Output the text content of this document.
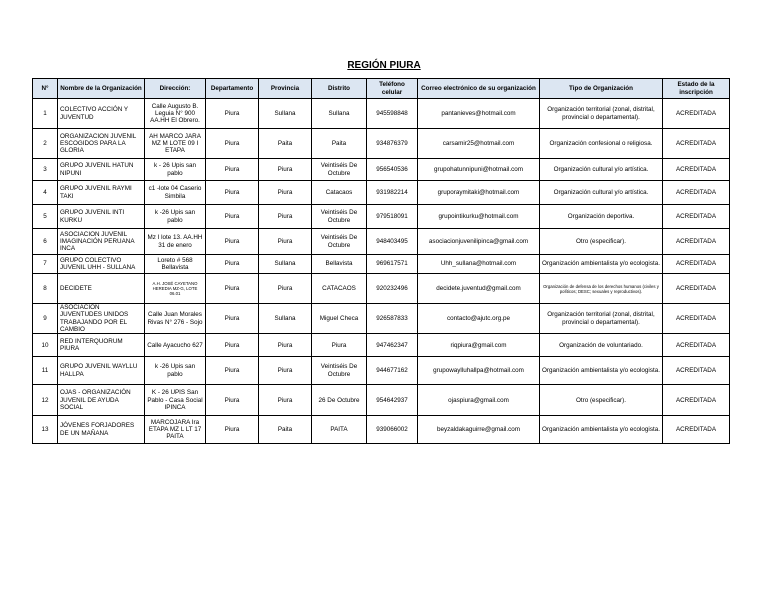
REGIÓN PIURA
N°	Nombre de la Organización	Dirección:	Departamento	Provincia	Distrito	Teléfono celular	Correo electrónico de su organización	Tipo de Organización	Estado de la inscripción
1	COLECTIVO ACCIÓN Y JUVENTUD	Calle Augusto B. Leguia N° 900 AA.HH El Obrero.	Piura	Sullana	Sullana	945598848	pantanieves@hotmail.com	Organización territorial (zonal, distrital, provincial o departamental).	ACREDITADA
2	ORGANIZACION JUVENIL ESCOGIDOS PARA LA GLORIA	AH MARCO JARA MZ M LOTE 09 I ETAPA	Piura	Paita	Paita	934876379	carsamir25@hotmail.com	Organización confesional o religiosa.	ACREDITADA
3	GRUPO JUVENIL HATUN NIPUNI	k - 26 Upis san pablo	Piura	Piura	Veintiséis De Octubre	956540536	grupohatunnipuni@hotmail.com	Organización cultural y/o artística.	ACREDITADA
4	GRUPO JUVENIL RAYMI TAKI	c1 -lote 04 Caserio Simbila	Piura	Piura	Catacaos	931982214	gruporaymitaki@hotmail.com	Organización cultural y/o artística.	ACREDITADA
5	GRUPO JUVENIL INTI KURKU	k -26 Upis san pablo	Piura	Piura	Veintiséis De Octubre	979518091	grupointikurku@hotmail.com	Organización deportiva.	ACREDITADA
6	ASOCIACION JUVENIL IMAGINACIÓN PERUANA INCA	Mz I lote 13. AA.HH 31 de enero	Piura	Piura	Veintiséis De Octubre	948403495	asociacionjuvenilipinca@gmail.com	Otro (especificar).	ACREDITADA
7	GRUPO COLECTIVO JUVENIL UHH - SULLANA	Loreto # 568 Bellavista	Piura	Sullana	Bellavista	969617571	Uhh_sullana@hotmail.com	Organización ambientalista y/o ecologista.	ACREDITADA
8	DECIDETE	A.H. JOSÉ CAYETANO HEREDIA MZ-G, LOTE 06.01	Piura	Piura	CATACAOS	920232496	decidete.juventud@gmail.com	Organización de defensa de los derechos humanos (civiles y políticos; DESC; sexuales y reproductivos).	ACREDITADA
9	ASOCIACIÓN JUVENTUDES UNIDOS TRABAJANDO POR EL CAMBIO	Calle Juan Morales Rivas N° 276 - Sojo	Piura	Sullana	Miguel Checa	926587833	contacto@ajutc.org.pe	Organización territorial (zonal, distrital, provincial o departamental).	ACREDITADA
10	RED INTERQUORUM PIURA	Calle Ayacucho 627	Piura	Piura	Piura	947462347	riqpiura@gmail.com	Organización de voluntariado.	ACREDITADA
11	GRUPO JUVENIL WAYLLU HALLPA	k -26 Upis san pablo	Piura	Piura	Veintiséis De Octubre	944677162	grupowaylluhallpa@hotmail.com	Organización ambientalista y/o ecologista.	ACREDITADA
12	OJAS - ORGANIZACIÓN JUVENIL DE AYUDA SOCIAL	K - 26 UPIS San Pablo - Casa Social IPINCA	Piura	Piura	26 De Octubre	954642937	ojaspiura@gmail.com	Otro (especificar).	ACREDITADA
13	JÓVENES FORJADORES DE UN MAÑANA	MARCOJARA Ira ETAPA MZ L LT 17 PAITA	Piura	Paita	PAITA	939066002	beyzaldakaguirre@gmail.com	Organización ambientalista y/o ecologista.	ACREDITADA
